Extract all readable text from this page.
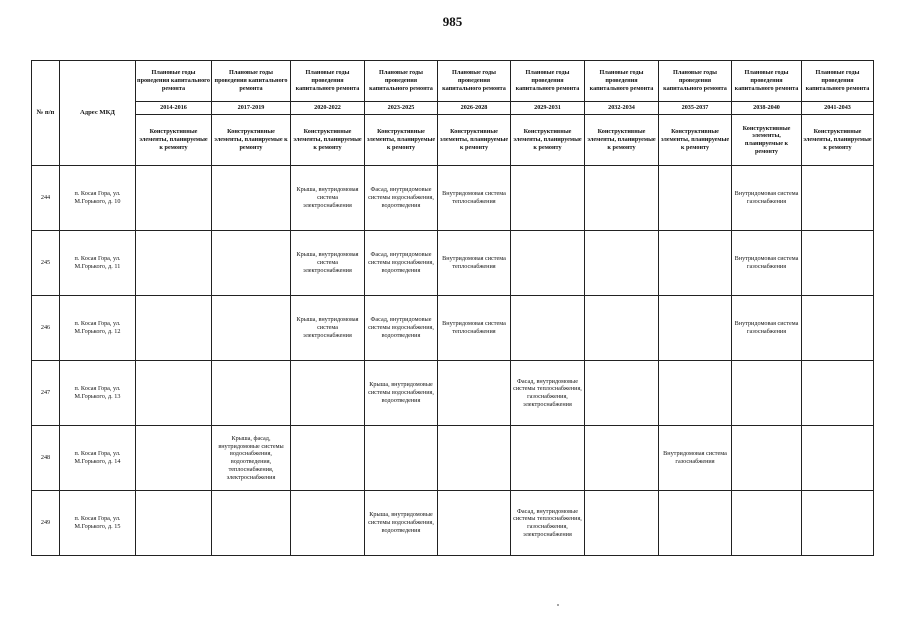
985
№ п/п	Адрес МКД	Плановые годы проведения капитального ремонта	Плановые годы проведения капитального ремонта	Плановые годы проведения капитального ремонта	Плановые годы проведения капитального ремонта	Плановые годы проведения капитального ремонта	Плановые годы проведения капитального ремонта	Плановые годы проведения капитального ремонта	Плановые годы проведения капитального ремонта	Плановые годы проведения капитального ремонта	Плановые годы проведения капитального ремонта
		2014-2016	2017-2019	2020-2022	2023-2025	2026-2028	2029-2031	2032-2034	2035-2037	2038-2040	2041-2043
		Конструктивные элементы, планируемые к ремонту	Конструктивные элементы, планируемые к ремонту	Конструктивные элементы, планируемые к ремонту	Конструктивные элементы, планируемые к ремонту	Конструктивные элементы, планируемые к ремонту	Конструктивные элементы, планируемые к ремонту	Конструктивные элементы, планируемые к ремонту	Конструктивные элементы, планируемые к ремонту	Конструктивные элементы, планируемые к ремонту	Конструктивные элементы, планируемые к ремонту
244	п. Косая Гора, ул. М.Горького, д. 10			Крыша, внутридомовая система электроснабжения	Фасад, внутридомовые системы водоснабжения, водоотведения	Внутридомовая система теплоснабжения				Внутридомовая система газоснабжения	
245	п. Косая Гора, ул. М.Горького, д. 11			Крыша, внутридомовая система электроснабжения	Фасад, внутридомовые системы водоснабжения, водоотведения	Внутридомовая система теплоснабжения				Внутридомовая система газоснабжения	
246	п. Косая Гора, ул. М.Горького, д. 12			Крыша, внутридомовая система электроснабжения	Фасад, внутридомовые системы водоснабжения, водоотведения	Внутридомовая система теплоснабжения				Внутридомовая система газоснабжения	
247	п. Косая Гора, ул. М.Горького, д. 13				Крыша, внутридомовые системы водоснабжения, водоотведения		Фасад, внутридомовые системы теплоснабжения, газоснабжения, электроснабжения				
248	п. Косая Гора, ул. М.Горького, д. 14		Крыша, фасад, внутридомовые системы водоснабжения, водоотведения, теплоснабжения, электроснабжения						Внутридомовая система газоснабжения		
249	п. Косая Гора, ул. М.Горького, д. 15				Крыша, внутридомовые системы водоснабжения, водоотведения		Фасад, внутридомовые системы теплоснабжения, газоснабжения, электроснабжения				
